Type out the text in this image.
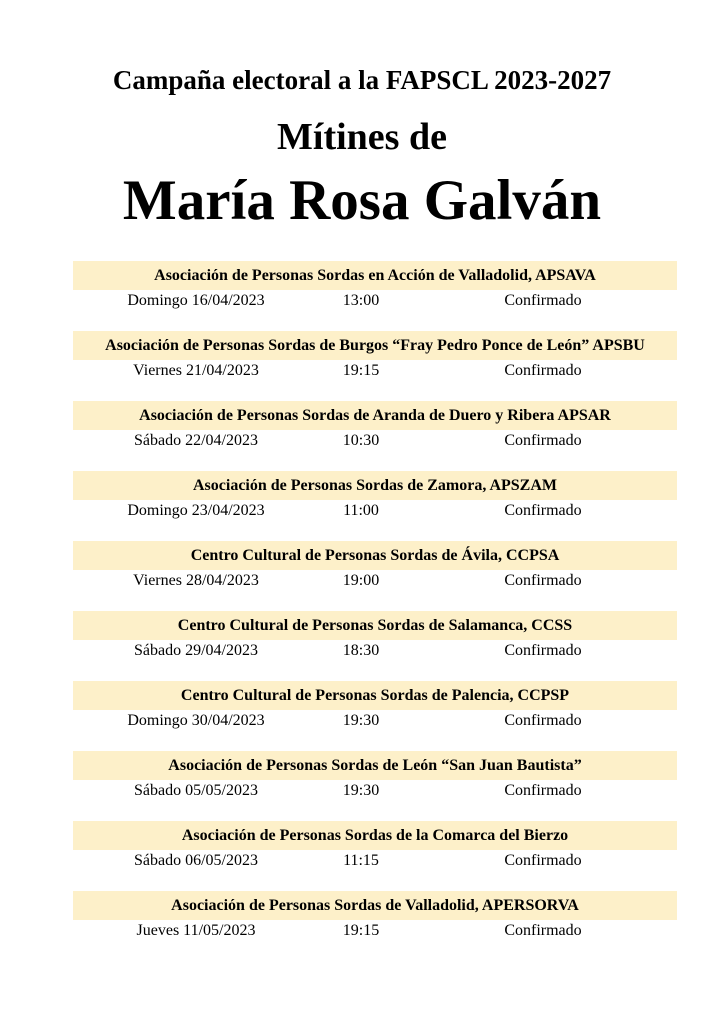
Campaña electoral a la FAPSCL 2023-2027
Mítines de
María Rosa Galván
Asociación de Personas Sordas en Acción de Valladolid, APSAVA
Domingo 16/04/2023	13:00	Confirmado
Asociación de Personas Sordas de Burgos “Fray Pedro Ponce de León” APSBU
Viernes 21/04/2023	19:15	Confirmado
Asociación de Personas Sordas de Aranda de Duero y Ribera APSAR
Sábado 22/04/2023	10:30	Confirmado
Asociación de Personas Sordas de Zamora, APSZAM
Domingo 23/04/2023	11:00	Confirmado
Centro Cultural de Personas Sordas de Ávila, CCPSA
Viernes 28/04/2023	19:00	Confirmado
Centro Cultural de Personas Sordas de Salamanca, CCSS
Sábado 29/04/2023	18:30	Confirmado
Centro Cultural de Personas Sordas de Palencia, CCPSP
Domingo 30/04/2023	19:30	Confirmado
Asociación de Personas Sordas de León “San Juan Bautista”
Sábado 05/05/2023	19:30	Confirmado
Asociación de Personas Sordas de la Comarca del Bierzo
Sábado 06/05/2023	11:15	Confirmado
Asociación de Personas Sordas de Valladolid, APERSORVA
Jueves 11/05/2023	19:15	Confirmado
